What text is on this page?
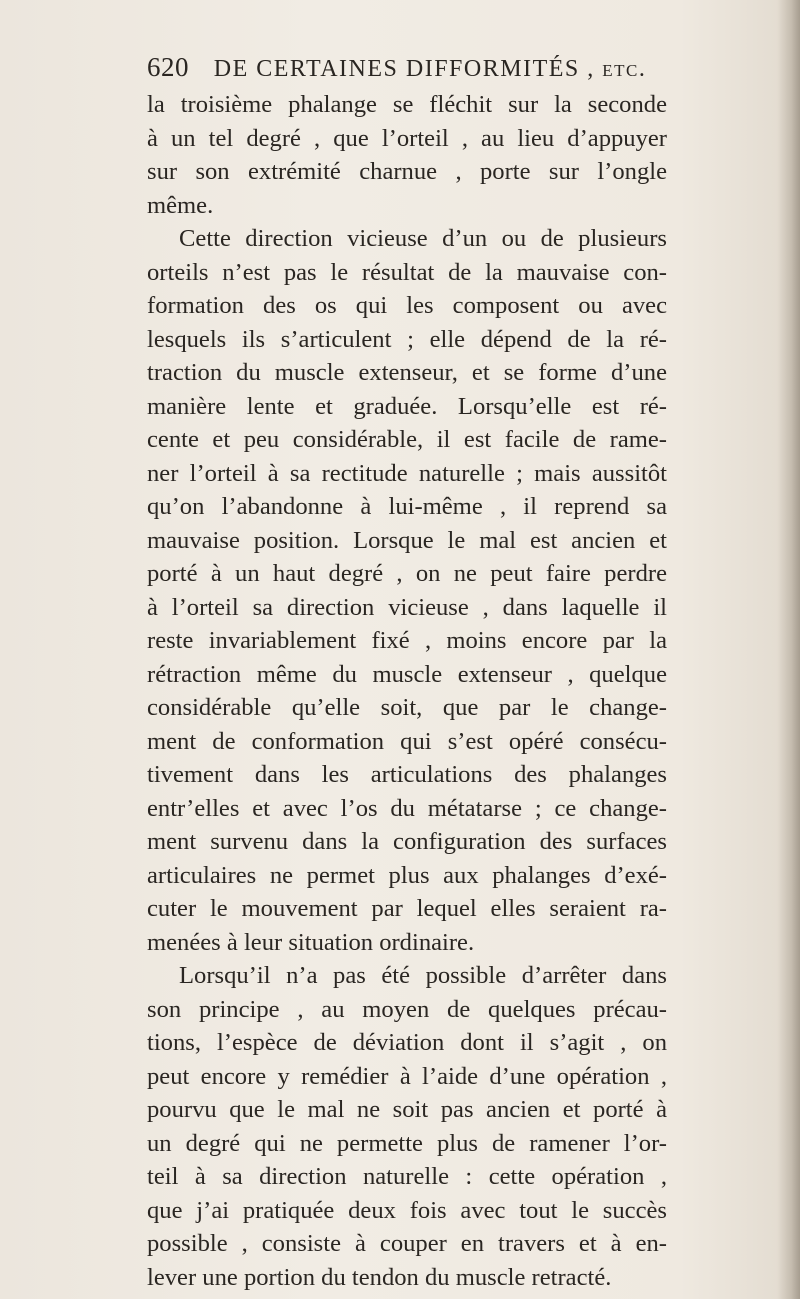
620 DE CERTAINES DIFFORMITÉS , etc.
la troisième phalange se fléchit sur la seconde
à un tel degré , que l’orteil , au lieu d’appuyer
sur son extrémité charnue , porte sur l’ongle
même.
Cette direction vicieuse d’un ou de plusieurs
orteils n’est pas le résultat de la mauvaise con-
formation des os qui les composent ou avec
lesquels ils s’articulent ; elle dépend de la ré-
traction du muscle extenseur, et se forme d’une
manière lente et graduée. Lorsqu’elle est ré-
cente et peu considérable, il est facile de rame-
ner l’orteil à sa rectitude naturelle ; mais aussitôt
qu’on l’abandonne à lui-même , il reprend sa
mauvaise position. Lorsque le mal est ancien et
porté à un haut degré , on ne peut faire perdre
à l’orteil sa direction vicieuse , dans laquelle il
reste invariablement fixé , moins encore par la
rétraction même du muscle extenseur , quelque
considérable qu’elle soit, que par le change-
ment de conformation qui s’est opéré consécu-
tivement dans les articulations des phalanges
entr’elles et avec l’os du métatarse ; ce change-
ment survenu dans la configuration des surfaces
articulaires ne permet plus aux phalanges d’exé-
cuter le mouvement par lequel elles seraient ra-
menées à leur situation ordinaire.
Lorsqu’il n’a pas été possible d’arrêter dans
son principe , au moyen de quelques précau-
tions, l’espèce de déviation dont il s’agit , on
peut encore y remédier à l’aide d’une opération ,
pourvu que le mal ne soit pas ancien et porté à
un degré qui ne permette plus de ramener l’or-
teil à sa direction naturelle : cette opération ,
que j’ai pratiquée deux fois avec tout le succès
possible , consiste à couper en travers et à en-
lever une portion du tendon du muscle retracté.
